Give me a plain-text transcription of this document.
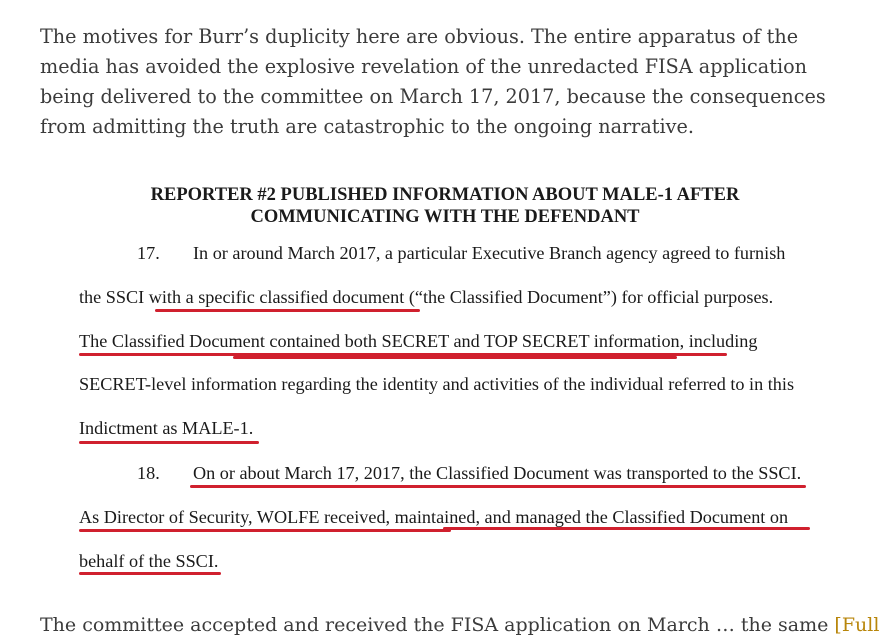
The motives for Burr’s duplicity here are obvious. The entire apparatus of the media has avoided the explosive revelation of the unredacted FISA application being delivered to the committee on March 17, 2017, because the consequences from admitting the truth are catastrophic to the ongoing narrative.

REPORTER #2 PUBLISHED INFORMATION ABOUT MALE-1 AFTER

COMMUNICATING WITH THE DEFENDANT

17. In or around March 2017, a particular Executive Branch agency agreed to furnish

the SSCI with a specific classified document (“the Classified Document”) for official purposes.

The Classified Document contained both SECRET and TOP SECRET information, including

SECRET-level information regarding the identity and activities of the individual referred to in this

Indictment as MALE-1.

18. On or about March 17, 2017, the Classified Document was transported to the SSCI.

As Director of Security, WOLFE received, maintained, and managed the Classified Document on

behalf of the SSCI.

The committee accepted and received the FISA application on March … the same [Full
